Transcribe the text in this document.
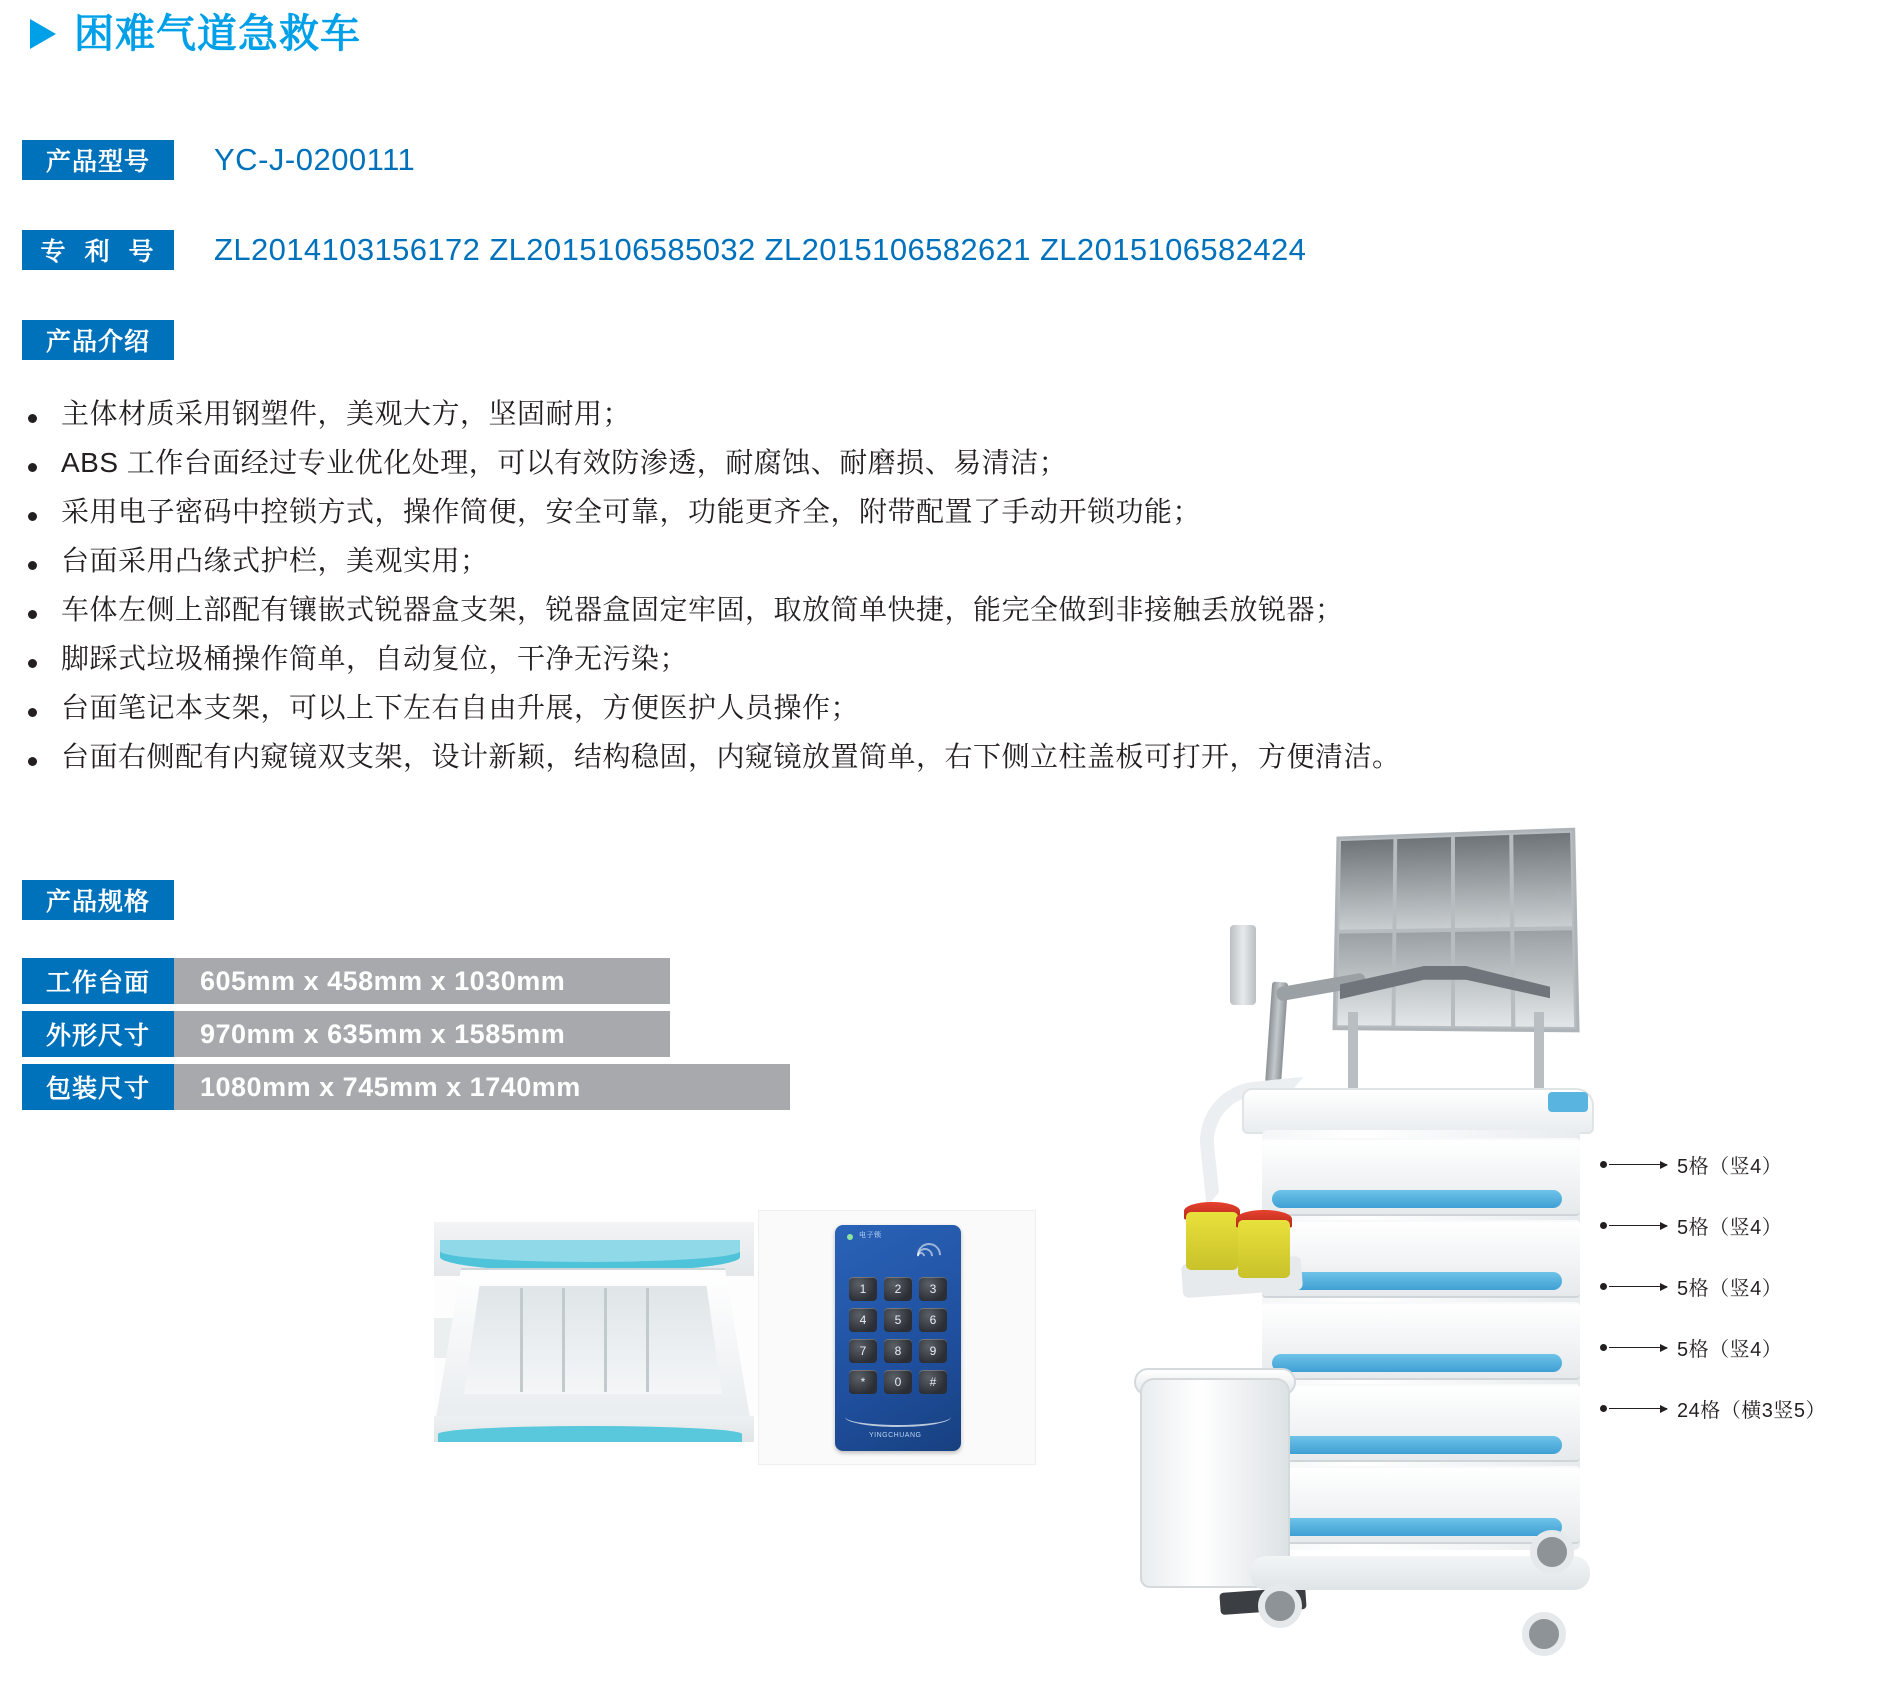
困难气道急救车
产品型号	YC-J-0200111
专 利 号	ZL2014103156172 ZL2015106585032 ZL2015106582621 ZL2015106582424
产品介绍
主体材质采用钢塑件，美观大方，坚固耐用；
ABS 工作台面经过专业优化处理，可以有效防渗透，耐腐蚀、耐磨损、易清洁；
采用电子密码中控锁方式，操作简便，安全可靠，功能更齐全，附带配置了手动开锁功能；
台面采用凸缘式护栏，美观实用；
车体左侧上部配有镶嵌式锐器盒支架，锐器盒固定牢固，取放简单快捷，能完全做到非接触丢放锐器；
脚踩式垃圾桶操作简单，自动复位，干净无污染；
台面笔记本支架，可以上下左右自由升展，方便医护人员操作；
台面右侧配有内窥镜双支架，设计新颖，结构稳固，内窥镜放置简单，右下侧立柱盖板可打开，方便清洁。
产品规格
工作台面	605mm x 458mm x 1030mm
外形尺寸	970mm x 635mm x 1585mm
包装尺寸	1080mm x 745mm x 1740mm
电子锁
1	2	3
4	5	6
7	8	9
*	0	#
YINGCHUANG
5格（竖4）
5格（竖4）
5格（竖4）
5格（竖4）
24格（横3竖5）
